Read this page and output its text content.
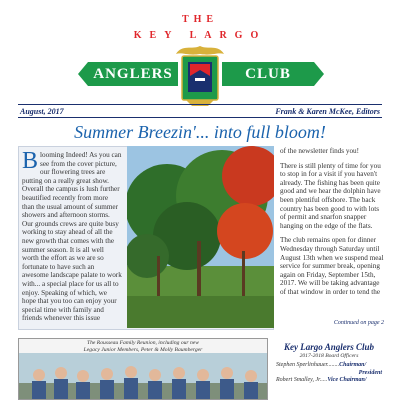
THE
KEY LARGO
ANGLERS	CLUB
August, 2017	Frank & Karen McKee, Editors
Summer Breezin'... into full bloom!
Blooming Indeed! As you can see from the cover picture, our flowering trees are putting on a really great show. Overall the campus is lush further beautified recently from more than the usual amount of summer showers and afternoon storms. Our grounds crews are quite busy working to stay ahead of all the new growth that comes with the summer season. It is all well worth the effort as we are so fortunate to have such an awesome landscape palate to work with... a special place for us all to enjoy. Speaking of which, we hope that you too can enjoy your special time with family and friends whenever this issue

of the newsletter finds you!

There is still plenty of time for you to stop in for a visit if you haven't already. The fishing has been quite good and we hear the dolphin have been plentiful offshore. The back country has been good to with lots of permit and snarfon snapper hanging on the edge of the flats.

The club remains open for dinner Wednesday through Saturday until August 13th when we suspend meal service for summer break, opening again on Friday, September 15th, 2017. We will be taking advantage of that window in order to tend the

Continued on page 2
The Rousseau Family Reunion, including our new
Legacy Junior Members, Peter & Molly Baumberger	Key Largo Anglers Club
2017-2018 Board Officers
Stephen Sperlinhauer........Chairman/
President
Robert Smalley, Jr.....Vice Chairman/
